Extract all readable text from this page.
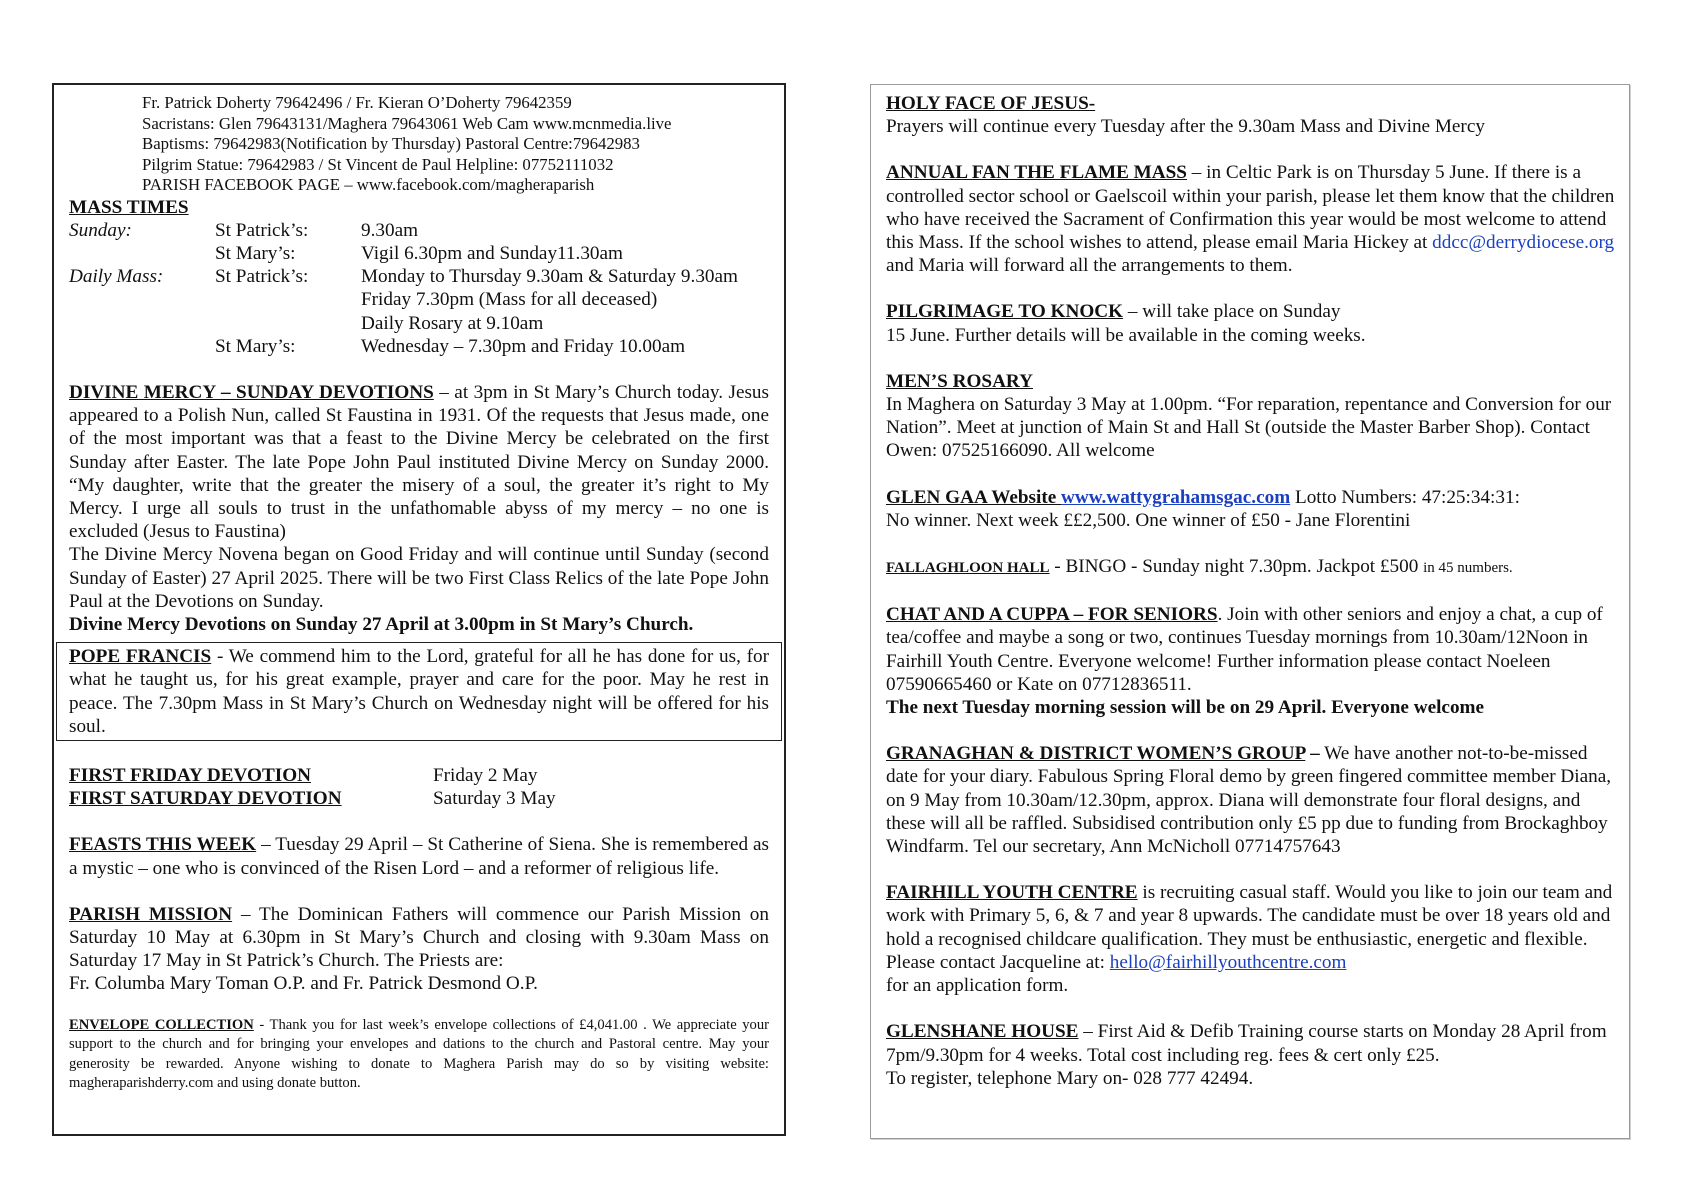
Fr. Patrick Doherty 79642496 / Fr. Kieran O’Doherty 79642359
Sacristans: Glen 79643131/Maghera 79643061 Web Cam www.mcnmedia.live
Baptisms: 79642983(Notification by Thursday) Pastoral Centre:79642983
Pilgrim Statue: 79642983 / St Vincent de Paul Helpline: 07752111032
PARISH FACEBOOK PAGE – www.facebook.com/magheraparish
MASS TIMES
Sunday:	St Patrick’s:	9.30am
	St Mary’s:	Vigil 6.30pm and Sunday11.30am
Daily Mass:	St Patrick’s:	Monday to Thursday 9.30am & Saturday 9.30am
		Friday 7.30pm (Mass for all deceased)
		Daily Rosary at 9.10am
	St Mary’s:	Wednesday – 7.30pm and Friday 10.00am

DIVINE MERCY – SUNDAY DEVOTIONS – at 3pm in St Mary’s Church today. Jesus appeared to a Polish Nun, called St Faustina in 1931. Of the requests that Jesus made, one of the most important was that a feast to the Divine Mercy be celebrated on the first Sunday after Easter. The late Pope John Paul instituted Divine Mercy on Sunday 2000. “My daughter, write that the greater the misery of a soul, the greater it’s right to My Mercy. I urge all souls to trust in the unfathomable abyss of my mercy – no one is excluded (Jesus to Faustina)

The Divine Mercy Novena began on Good Friday and will continue until Sunday (second Sunday of Easter) 27 April 2025. There will be two First Class Relics of the late Pope John Paul at the Devotions on Sunday.

Divine Mercy Devotions on Sunday 27 April at 3.00pm in St Mary’s Church.

POPE FRANCIS - We commend him to the Lord, grateful for all he has done for us, for what he taught us, for his great example, prayer and care for the poor. May he rest in peace. The 7.30pm Mass in St Mary’s Church on Wednesday night will be offered for his soul.

FIRST FRIDAY DEVOTION	Friday 2 May
FIRST SATURDAY DEVOTION	Saturday 3 May

FEASTS THIS WEEK – Tuesday 29 April – St Catherine of Siena. She is remembered as a mystic – one who is convinced of the Risen Lord – and a reformer of religious life.

PARISH MISSION – The Dominican Fathers will commence our Parish Mission on Saturday 10 May at 6.30pm in St Mary’s Church and closing with 9.30am Mass on Saturday 17 May in St Patrick’s Church. The Priests are:

Fr. Columba Mary Toman O.P. and Fr. Patrick Desmond O.P.

ENVELOPE COLLECTION - Thank you for last week’s envelope collections of £4,041.00 . We appreciate your support to the church and for bringing your envelopes and dations to the church and Pastoral centre. May your generosity be rewarded. Anyone wishing to donate to Maghera Parish may do so by visiting website: magheraparishderry.com and using donate button.

HOLY FACE OF JESUS-

Prayers will continue every Tuesday after the 9.30am Mass and Divine Mercy

ANNUAL FAN THE FLAME MASS – in Celtic Park is on Thursday 5 June. If there is a controlled sector school or Gaelscoil within your parish, please let them know that the children who have received the Sacrament of Confirmation this year would be most welcome to attend this Mass. If the school wishes to attend, please email Maria Hickey at ddcc@derrydiocese.org and Maria will forward all the arrangements to them.

PILGRIMAGE TO KNOCK – will take place on Sunday

15 June. Further details will be available in the coming weeks.

MEN’S ROSARY

In Maghera on Saturday 3 May at 1.00pm. “For reparation, repentance and Conversion for our Nation”. Meet at junction of Main St and Hall St (outside the Master Barber Shop). Contact Owen: 07525166090. All welcome

GLEN GAA Website www.wattygrahamsgac.com Lotto Numbers: 47:25:34:31:

No winner. Next week ££2,500. One winner of £50 - Jane Florentini

FALLAGHLOON HALL - BINGO - Sunday night 7.30pm. Jackpot £500 in 45 numbers.

CHAT AND A CUPPA – FOR SENIORS. Join with other seniors and enjoy a chat, a cup of tea/coffee and maybe a song or two, continues Tuesday mornings from 10.30am/12Noon in Fairhill Youth Centre. Everyone welcome! Further information please contact Noeleen 07590665460 or Kate on 07712836511.

The next Tuesday morning session will be on 29 April. Everyone welcome

GRANAGHAN & DISTRICT WOMEN’S GROUP – We have another not-to-be-missed date for your diary. Fabulous Spring Floral demo by green fingered committee member Diana, on 9 May from 10.30am/12.30pm, approx. Diana will demonstrate four floral designs, and these will all be raffled. Subsidised contribution only £5 pp due to funding from Brockaghboy Windfarm. Tel our secretary, Ann McNicholl 07714757643

FAIRHILL YOUTH CENTRE is recruiting casual staff. Would you like to join our team and work with Primary 5, 6, & 7 and year 8 upwards. The candidate must be over 18 years old and hold a recognised childcare qualification. They must be enthusiastic, energetic and flexible. Please contact Jacqueline at: hello@fairhillyouthcentre.com

for an application form.

GLENSHANE HOUSE – First Aid & Defib Training course starts on Monday 28 April from 7pm/9.30pm for 4 weeks. Total cost including reg. fees & cert only £25.

To register, telephone Mary on- 028 777 42494.
